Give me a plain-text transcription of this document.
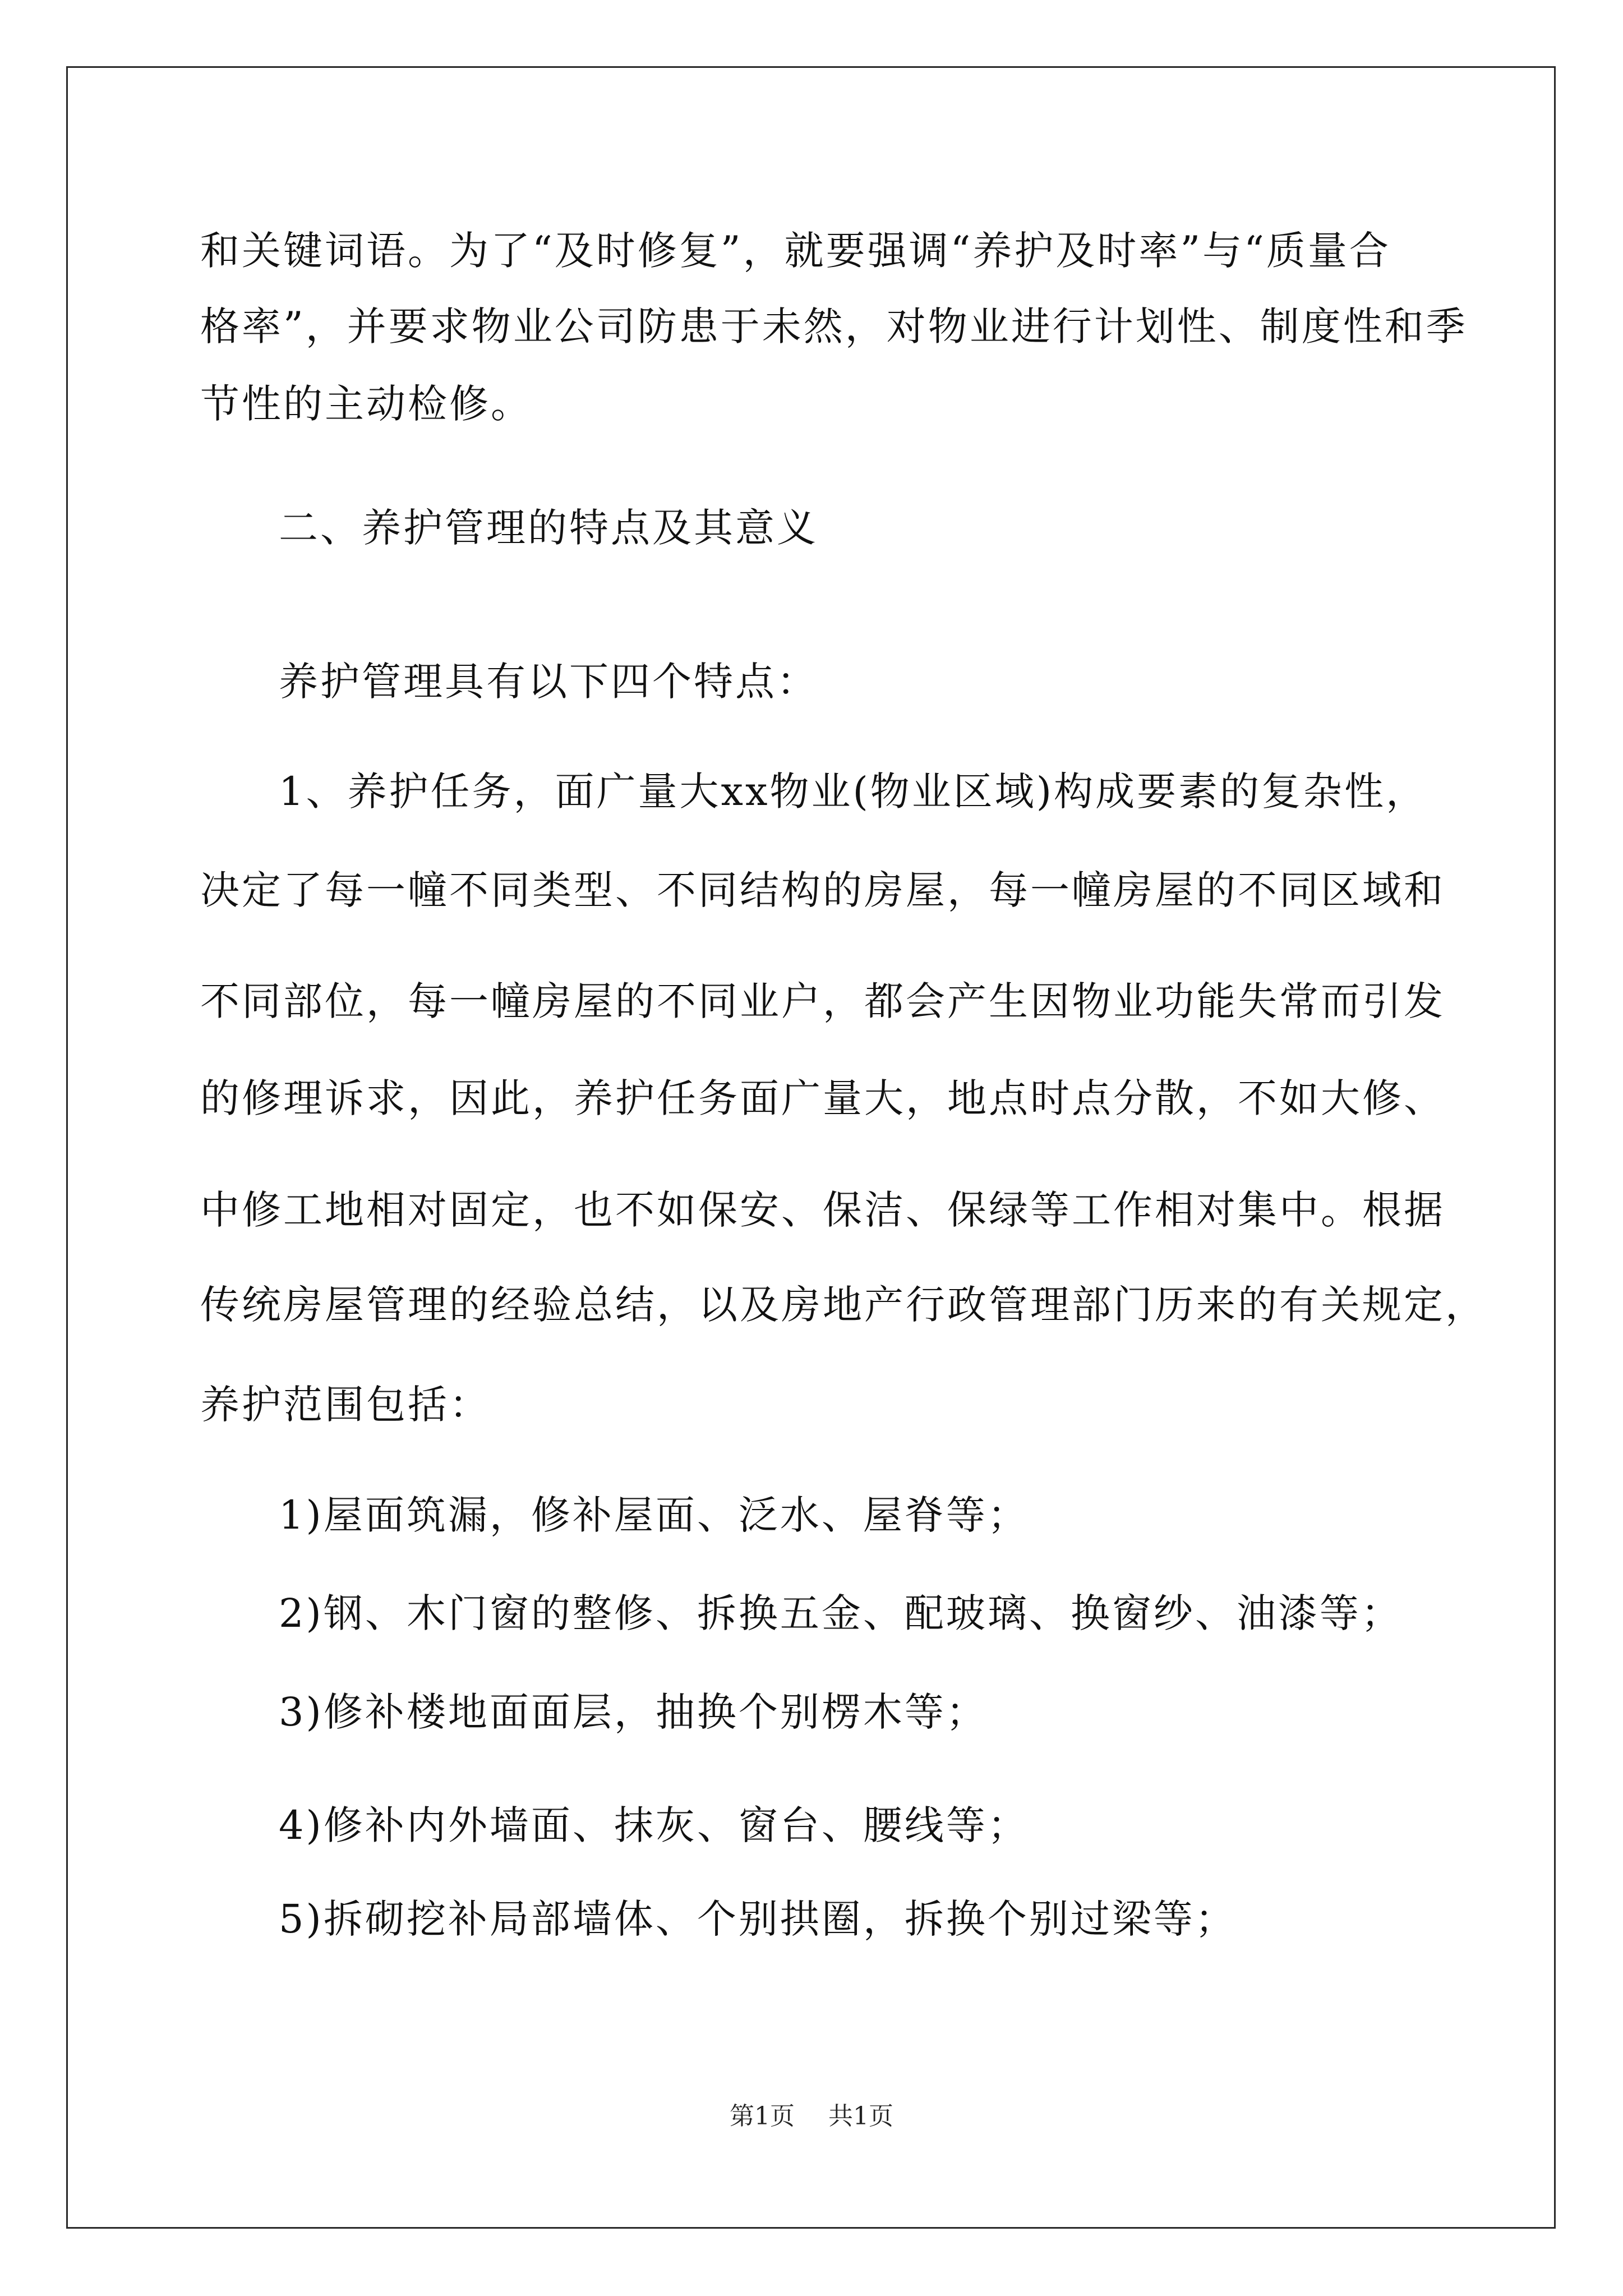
和关键词语。为了“及时修复”，就要强调“养护及时率”与“质量合
格率”，并要求物业公司防患于未然，对物业进行计划性、制度性和季
节性的主动检修。
二、养护管理的特点及其意义
养护管理具有以下四个特点：
1、养护任务，面广量大xx物业(物业区域)构成要素的复杂性，
决定了每一幢不同类型、不同结构的房屋，每一幢房屋的不同区域和
不同部位，每一幢房屋的不同业户，都会产生因物业功能失常而引发
的修理诉求，因此，养护任务面广量大，地点时点分散，不如大修、
中修工地相对固定，也不如保安、保洁、保绿等工作相对集中。根据
传统房屋管理的经验总结，以及房地产行政管理部门历来的有关规定，
养护范围包括：
1)屋面筑漏，修补屋面、泛水、屋脊等；
2)钢、木门窗的整修、拆换五金、配玻璃、换窗纱、油漆等；
3)修补楼地面面层，抽换个别楞木等；
4)修补内外墙面、抹灰、窗台、腰线等；
5)拆砌挖补局部墙体、个别拱圈，拆换个别过梁等；
第1页 共1页
